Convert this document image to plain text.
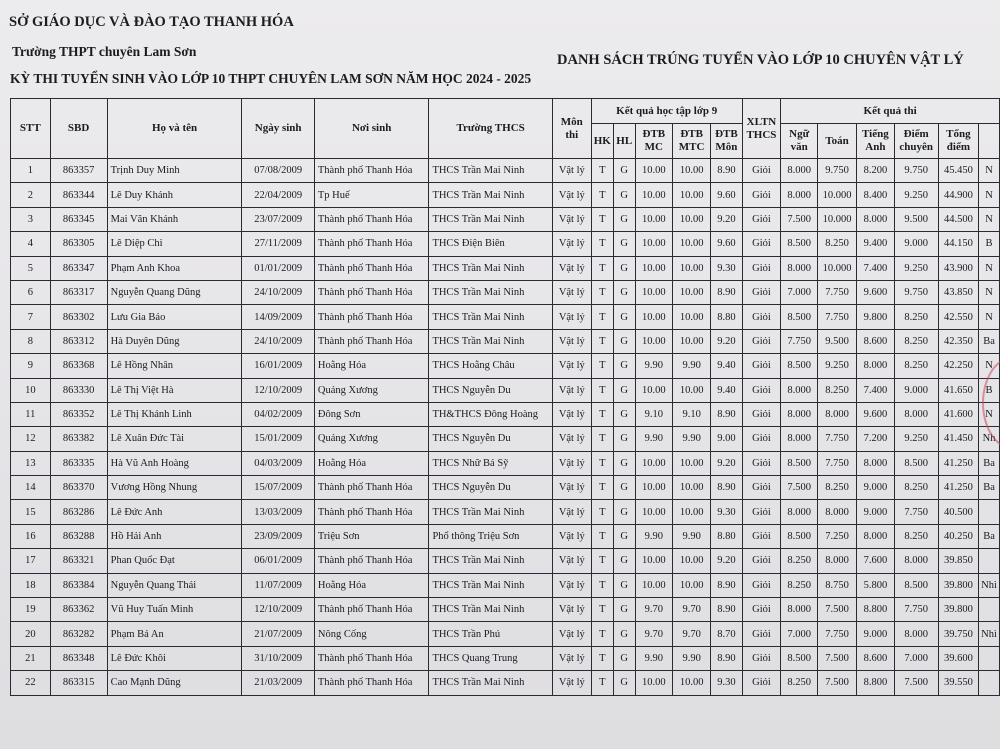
SỞ GIÁO DỤC VÀ ĐÀO TẠO THANH HÓA
Trường THPT chuyên Lam Sơn
KỲ THI TUYỂN SINH VÀO LỚP 10 THPT CHUYÊN LAM SƠN NĂM HỌC 2024 - 2025
DANH SÁCH TRÚNG TUYỂN VÀO LỚP 10 CHUYÊN VẬT LÝ
STT	SBD	Họ và tên	Ngày sinh	Nơi sinh	Trường THCS	Môn thi	Kết quả học tập lớp 9					XLTN THCS	Kết quả thi					
							HK	HL	ĐTB MC	ĐTB MTC	ĐTB Môn		Ngữ văn	Toán	Tiếng Anh	Điểm chuyên	Tổng điểm	
1	863357	Trịnh Duy Minh	07/08/2009	Thành phố Thanh Hóa	THCS Trần Mai Ninh	Vật lý	T	G	10.00	10.00	8.90	Giỏi	8.000	9.750	8.200	9.750	45.450	N
2	863344	Lê Duy Khánh	22/04/2009	Tp Huế	THCS Trần Mai Ninh	Vật lý	T	G	10.00	10.00	9.60	Giỏi	8.000	10.000	8.400	9.250	44.900	N
3	863345	Mai Văn Khánh	23/07/2009	Thành phố Thanh Hóa	THCS Trần Mai Ninh	Vật lý	T	G	10.00	10.00	9.20	Giỏi	7.500	10.000	8.000	9.500	44.500	N
4	863305	Lê Diệp Chi	27/11/2009	Thành phố Thanh Hóa	THCS Điện Biên	Vật lý	T	G	10.00	10.00	9.60	Giỏi	8.500	8.250	9.400	9.000	44.150	B
5	863347	Phạm Anh Khoa	01/01/2009	Thành phố Thanh Hóa	THCS Trần Mai Ninh	Vật lý	T	G	10.00	10.00	9.30	Giỏi	8.000	10.000	7.400	9.250	43.900	N
6	863317	Nguyễn Quang Dũng	24/10/2009	Thành phố Thanh Hóa	THCS Trần Mai Ninh	Vật lý	T	G	10.00	10.00	8.90	Giỏi	7.000	7.750	9.600	9.750	43.850	N
7	863302	Lưu Gia Bảo	14/09/2009	Thành phố Thanh Hóa	THCS Trần Mai Ninh	Vật lý	T	G	10.00	10.00	8.80	Giỏi	8.500	7.750	9.800	8.250	42.550	N
8	863312	Hà Duyên Dũng	24/10/2009	Thành phố Thanh Hóa	THCS Trần Mai Ninh	Vật lý	T	G	10.00	10.00	9.20	Giỏi	7.750	9.500	8.600	8.250	42.350	Ba
9	863368	Lê Hồng Nhân	16/01/2009	Hoằng Hóa	THCS Hoằng Châu	Vật lý	T	G	9.90	9.90	9.40	Giỏi	8.500	9.250	8.000	8.250	42.250	N
10	863330	Lê Thị Việt Hà	12/10/2009	Quảng Xương	THCS Nguyễn Du	Vật lý	T	G	10.00	10.00	9.40	Giỏi	8.000	8.250	7.400	9.000	41.650	B
11	863352	Lê Thị Khánh Linh	04/02/2009	Đông Sơn	TH&THCS Đông Hoàng	Vật lý	T	G	9.10	9.10	8.90	Giỏi	8.000	8.000	9.600	8.000	41.600	N
12	863382	Lê Xuân Đức Tài	15/01/2009	Quảng Xương	THCS Nguyễn Du	Vật lý	T	G	9.90	9.90	9.00	Giỏi	8.000	7.750	7.200	9.250	41.450	Nh
13	863335	Hà Vũ Anh Hoàng	04/03/2009	Hoằng Hóa	THCS Nhữ Bá Sỹ	Vật lý	T	G	10.00	10.00	9.20	Giỏi	8.500	7.750	8.000	8.500	41.250	Ba
14	863370	Vương Hồng Nhung	15/07/2009	Thành phố Thanh Hóa	THCS Nguyễn Du	Vật lý	T	G	10.00	10.00	8.90	Giỏi	7.500	8.250	9.000	8.250	41.250	Ba
15	863286	Lê Đức Anh	13/03/2009	Thành phố Thanh Hóa	THCS Trần Mai Ninh	Vật lý	T	G	10.00	10.00	9.30	Giỏi	8.000	8.000	9.000	7.750	40.500	
16	863288	Hồ Hải Anh	23/09/2009	Triệu Sơn	Phổ thông Triệu Sơn	Vật lý	T	G	9.90	9.90	8.80	Giỏi	8.500	7.250	8.000	8.250	40.250	Ba
17	863321	Phan Quốc Đạt	06/01/2009	Thành phố Thanh Hóa	THCS Trần Mai Ninh	Vật lý	T	G	10.00	10.00	9.20	Giỏi	8.250	8.000	7.600	8.000	39.850	
18	863384	Nguyễn Quang Thái	11/07/2009	Hoằng Hóa	THCS Trần Mai Ninh	Vật lý	T	G	10.00	10.00	8.90	Giỏi	8.250	8.750	5.800	8.500	39.800	Nhì
19	863362	Vũ Huy Tuấn Minh	12/10/2009	Thành phố Thanh Hóa	THCS Trần Mai Ninh	Vật lý	T	G	9.70	9.70	8.90	Giỏi	8.000	7.500	8.800	7.750	39.800	
20	863282	Phạm Bá An	21/07/2009	Nông Cống	THCS Trần Phú	Vật lý	T	G	9.70	9.70	8.70	Giỏi	7.000	7.750	9.000	8.000	39.750	Nhì
21	863348	Lê Đức Khôi	31/10/2009	Thành phố Thanh Hóa	THCS Quang Trung	Vật lý	T	G	9.90	9.90	8.90	Giỏi	8.500	7.500	8.600	7.000	39.600	
22	863315	Cao Mạnh Dũng	21/03/2009	Thành phố Thanh Hóa	THCS Trần Mai Ninh	Vật lý	T	G	10.00	10.00	9.30	Giỏi	8.250	7.500	8.800	7.500	39.550	
